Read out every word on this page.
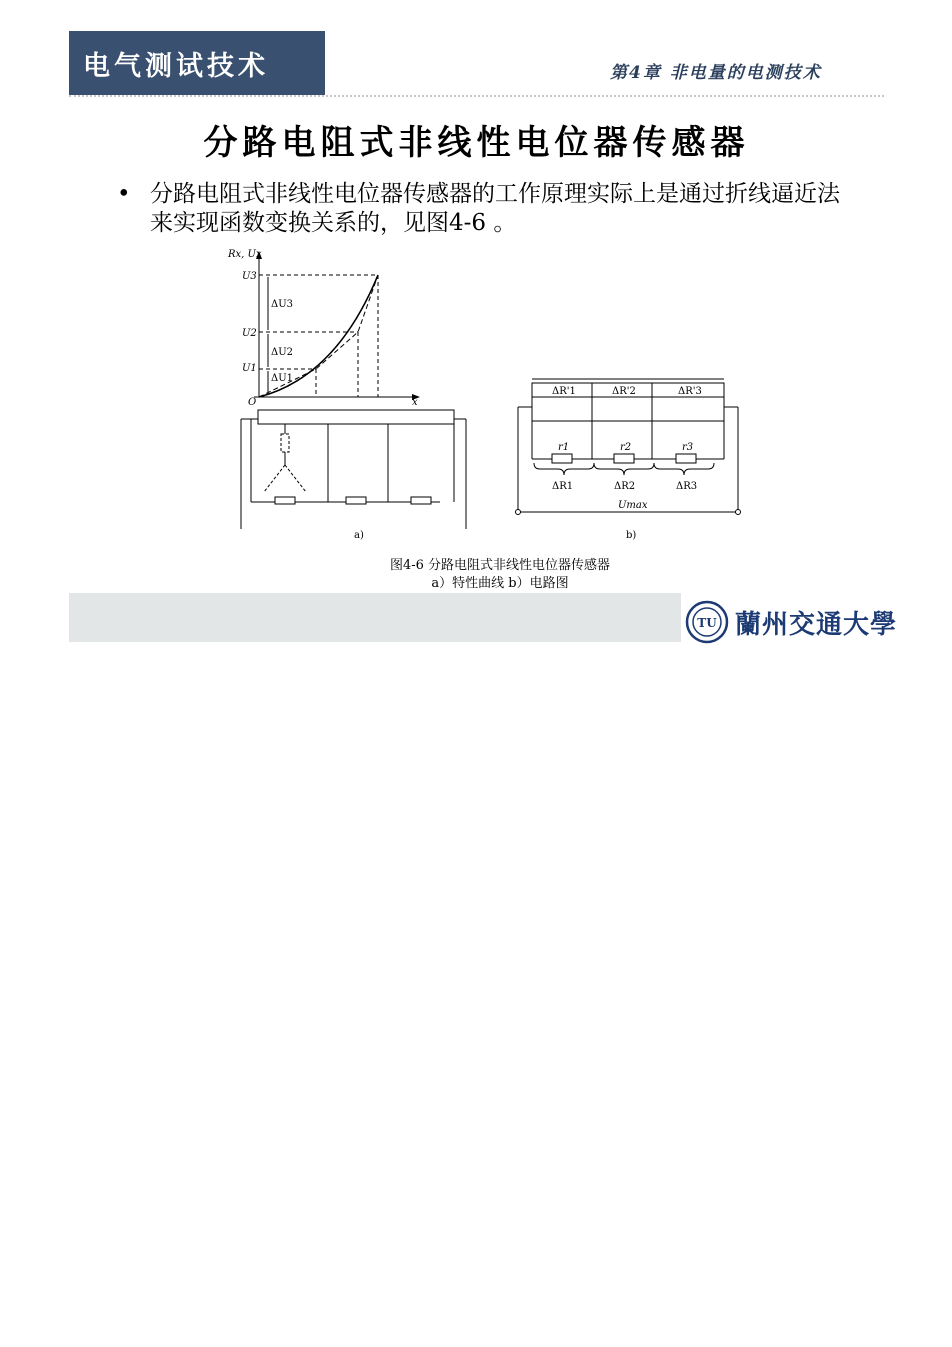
电气测试技术	第4章 非电量的电测技术
分路电阻式非线性电位器传感器
• 分路电阻式非线性电位器传感器的工作原理实际上是通过折线逼近法来实现函数变换关系的，见图4-6 。
Rx, Ux
x
O
U3
U2
U1
ΔU3
ΔU2
ΔU1
a)
ΔR'1	ΔR'2	ΔR'3
r1	r2	r3
ΔR1	ΔR2	ΔR3
Umax
b)
图4-6 分路电阻式非线性电位器传感器
a）特性曲线 b）电路图
TU 蘭州交通大學
